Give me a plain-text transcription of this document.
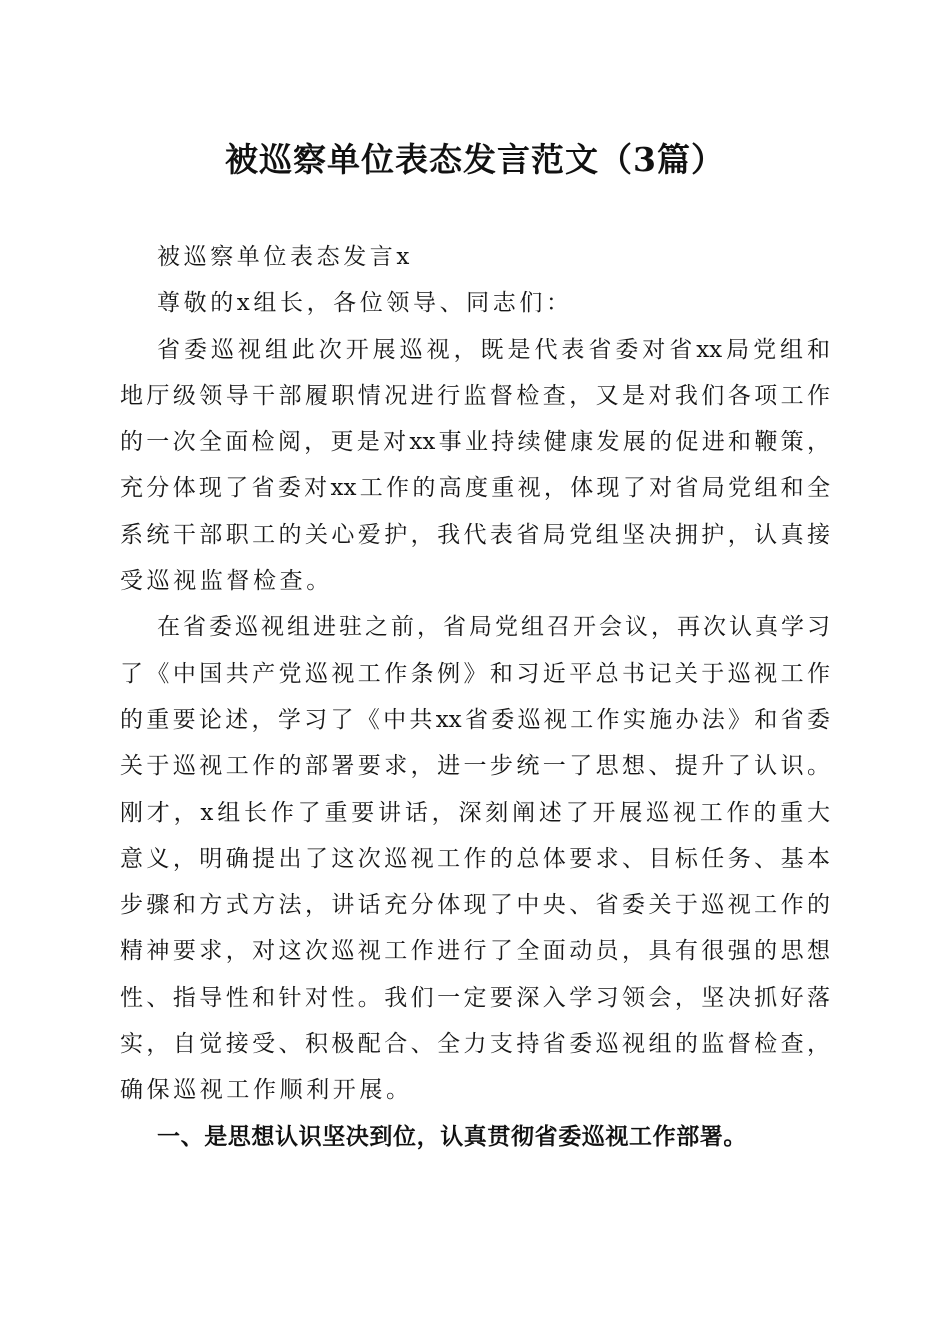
被巡察单位表态发言范文（3篇）
被巡察单位表态发言x
尊敬的x组长，各位领导、同志们：
省委巡视组此次开展巡视，既是代表省委对省xx局党组和
地厅级领导干部履职情况进行监督检查，又是对我们各项工作
的一次全面检阅，更是对xx事业持续健康发展的促进和鞭策，
充分体现了省委对xx工作的高度重视，体现了对省局党组和全
系统干部职工的关心爱护，我代表省局党组坚决拥护，认真接
受巡视监督检查。
在省委巡视组进驻之前，省局党组召开会议，再次认真学习
了《中国共产党巡视工作条例》和习近平总书记关于巡视工作
的重要论述，学习了《中共xx省委巡视工作实施办法》和省委
关于巡视工作的部署要求，进一步统一了思想、提升了认识。
刚才，x组长作了重要讲话，深刻阐述了开展巡视工作的重大
意义，明确提出了这次巡视工作的总体要求、目标任务、基本
步骤和方式方法，讲话充分体现了中央、省委关于巡视工作的
精神要求，对这次巡视工作进行了全面动员，具有很强的思想
性、指导性和针对性。我们一定要深入学习领会，坚决抓好落
实，自觉接受、积极配合、全力支持省委巡视组的监督检查，
确保巡视工作顺利开展。
一、是思想认识坚决到位，认真贯彻省委巡视工作部署。
